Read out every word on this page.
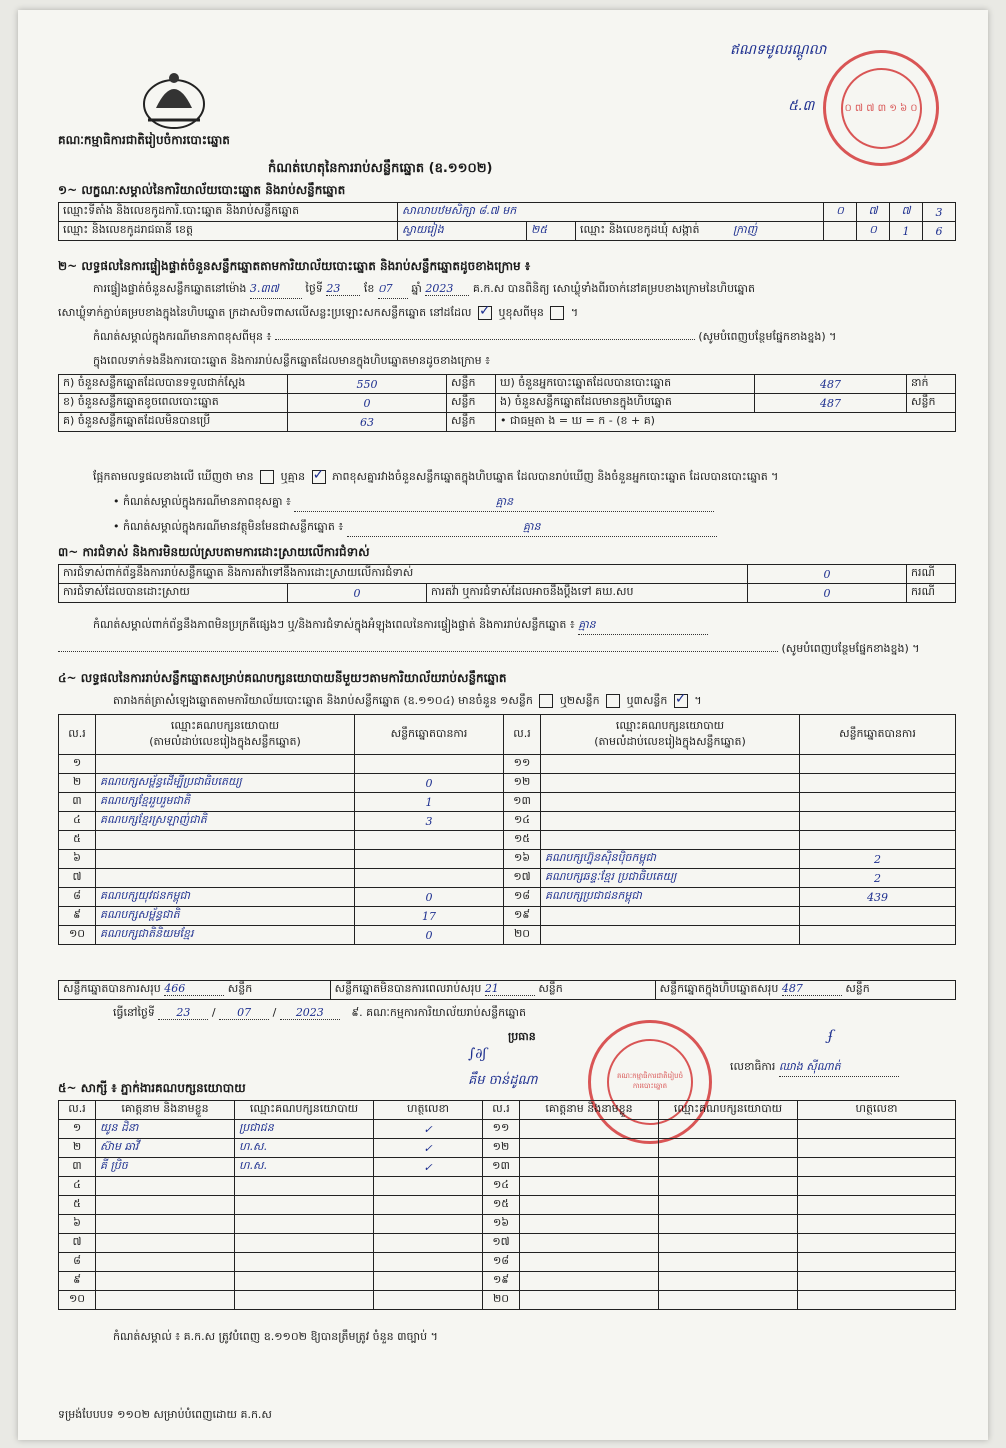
ឥណទមូលរណ្ដូលា
៥.៣	០ ៧ ៧ ៣ ១ ៦ ០
គណៈកម្មាធិការជាតិរៀបចំការបោះឆ្នោត
កំណត់ហេតុនៃការរាប់សន្លឹកឆ្នោត (ឧ.១១០២)
១~ លក្ខណៈសម្គាល់នៃការិយាល័យបោះឆ្នោត និងរាប់សន្លឹកឆ្នោត
ឈ្មោះទីតាំង និងលេខកូដការិ.បោះឆ្នោត និងរាប់សន្លឹកឆ្នោត	សាលាបឋមសិក្សា ៨.៧ មក			០	៧	៧	3
ឈ្មោះ និងលេខកូដរាជធានី ខេត្ត	ស្វាយរៀង	២៥	ឈ្មោះ និងលេខកូដឃុំ សង្កាត់ ក្រាញ់		០	1	6
២~ លទ្ធផលនៃការផ្ទៀងផ្ទាត់ចំនួនសន្លឹកឆ្នោតតាមការិយាល័យបោះឆ្នោត និងរាប់សន្លឹកឆ្នោតដូចខាងក្រោម ៖
ការផ្ទៀងផ្ទាត់ចំនួនសន្លឹកឆ្នោតនៅម៉ោង 3.៣៧ ថ្ងៃទី 23 ខែ ០7 ឆ្នាំ 2023 គ.ក.ស បានពិនិត្យ សោឃ្លុំទាំងពីរចាក់នៅគម្របខាងក្រោមនៃហិបឆ្នោត
សោឃ្លុំទាក់ភ្ជាប់គម្របខាងក្នុងនៃហិបឆ្នោត ក្រដាសបិទពាសលើសន្លះប្រឡោះសកសន្លឹកឆ្នោត នៅដដែល ✓ ឬខុសពីមុន  ។
កំណត់សម្គាល់ក្នុងករណីមានភាពខុសពីមុន ៖	(សូមបំពេញបន្ថែមផ្នែកខាងខ្នង) ។
ក្នុងពេលទាក់ទងនឹងការបោះឆ្នោត និងការរាប់សន្លឹកឆ្នោតដែលមានក្នុងហិបឆ្នោតមានដូចខាងក្រោម ៖
ក) ចំនួនសន្លឹកឆ្នោតដែលបានទទួលជាក់ស្តែង	550	សន្លឹក	ឃ) ចំនួនអ្នកបោះឆ្នោតដែលបានបោះឆ្នោត	487	នាក់
ខ) ចំនួនសន្លឹកឆ្នោតខូចពេលបោះឆ្នោត	0	សន្លឹក	ង) ចំនួនសន្លឹកឆ្នោតដែលមានក្នុងហិបឆ្នោត	487	សន្លឹក
គ) ចំនួនសន្លឹកឆ្នោតដែលមិនបានប្រើ	63	សន្លឹក	• ជាធម្មតា ង = ឃ = ក - (ខ + គ)		
ផ្អែកតាមលទ្ធផលខាងលើ ឃើញថា មាន ឬគ្មាន ✓ ភាពខុសគ្នារវាងចំនួនសន្លឹកឆ្នោតក្នុងហិបឆ្នោត ដែលបានរាប់ឃើញ និងចំនួនអ្នកបោះឆ្នោត ដែលបានបោះឆ្នោត ។
• កំណត់សម្គាល់ក្នុងករណីមានភាពខុសគ្នា ៖	គ្មាន
• កំណត់សម្គាល់ក្នុងករណីមានវត្ថុមិនមែនជាសន្លឹកឆ្នោត ៖	គ្មាន
៣~ ការជំទាស់ និងការមិនយល់ស្របតាមការដោះស្រាយលើការជំទាស់
ការជំទាស់ពាក់ព័ន្ធនឹងការរាប់សន្លឹកឆ្នោត និងការតវ៉ាទៅនឹងការដោះស្រាយលើការជំទាស់			0	ករណី
ការជំទាស់ដែលបានដោះស្រាយ	0	ការតវ៉ា ឬការជំទាស់ដែលអាចនឹងប្តឹងទៅ គឃ.សប	0	ករណី
កំណត់សម្គាល់ពាក់ព័ន្ធនឹងភាពមិនប្រក្រតីផ្សេងៗ ឬ/និងការជំទាស់ក្នុងអំឡុងពេលនៃការផ្ទៀងផ្ទាត់ និងការរាប់សន្លឹកឆ្នោត ៖ គ្មាន
(សូមបំពេញបន្ថែមផ្នែកខាងខ្នង) ។
៤~ លទ្ធផលនៃការរាប់សន្លឹកឆ្នោតសម្រាប់គណបក្សនយោបាយនីមួយៗតាមការិយាល័យរាប់សន្លឹកឆ្នោត
តារាងកត់ត្រាសំឡេងឆ្នោតតាមការិយាល័យបោះឆ្នោត និងរាប់សន្លឹកឆ្នោត (ឧ.១១០៤) មានចំនួន ១សន្លឹក ឬ២សន្លឹក ឬ៣សន្លឹក ✓ ។
ល.រ	ឈ្មោះគណបក្សនយោបាយ
(តាមលំដាប់លេខរៀងក្នុងសន្លឹកឆ្នោត)	សន្លឹកឆ្នោតបានការ	ល.រ	ឈ្មោះគណបក្សនយោបាយ
(តាមលំដាប់លេខរៀងក្នុងសន្លឹកឆ្នោត)	សន្លឹកឆ្នោតបានការ
១			១១		
២	គណបក្សសម្ព័ន្ធដើម្បីប្រជាធិបតេយ្យ	0	១២		
៣	គណបក្សខ្មែររួបរួមជាតិ	1	១៣		
៤	គណបក្សខ្មែរស្រឡាញ់ជាតិ	3	១៤		
៥			១៥		
៦			១៦	គណបក្សហ្វ៊ុនស៊ិនប៉ិចកម្ពុជា	2
៧			១៧	គណបក្សឆន្ទៈខ្មែរ ប្រជាធិបតេយ្យ	2
៨	គណបក្សយុវជនកម្ពុជា	0	១៨	គណបក្សប្រជាជនកម្ពុជា	439
៩	គណបក្សសម្ព័ន្ធជាតិ	17	១៩		
១០	គណបក្សជាតិនិយមខ្មែរ	0	២០		
សន្លឹកឆ្នោតបានការសរុប 466	សន្លឹក	សន្លឹកឆ្នោតមិនបានការពេលរាប់សរុប 21	សន្លឹក	សន្លឹកឆ្នោតក្នុងហិបឆ្នោតសរុប 487	សន្លឹក
ធ្វើនៅថ្ងៃទី 23 / 07 / 2023	៩. គណៈកម្មការការិយាល័យរាប់សន្លឹកឆ្នោត
ប្រធាន
∫∂ʃ
គឹម ចាន់ដូណា	គណៈកម្មាធិការជាតិរៀបចំការបោះឆ្នោត
ʄ
លេខាធិការ ឈាង ស៊ីណាត់
៥~ សាក្សី ៖ ភ្នាក់ងារគណបក្សនយោបាយ
ល.រ	គោត្តនាម និងនាមខ្លួន	ឈ្មោះគណបក្សនយោបាយ	ហត្ថលេខា	ល.រ	គោត្តនាម និងនាមខ្លួន	ឈ្មោះគណបក្សនយោបាយ	ហត្ថលេខា
១	យូន ដិនា	ប្រជាជន	✓	១១			
២	ស៊ាម ឆាវី	ហ.ស.	✓	១២			
៣	គី ប្រិច	ហ.ស.	✓	១៣			
៤				១៤			
៥				១៥			
៦				១៦			
៧				១៧			
៨				១៨			
៩				១៩			
១០				២០			
កំណត់សម្គាល់ ៖ គ.ក.ស ត្រូវបំពេញ ឧ.១១០២ ឱ្យបានត្រឹមត្រូវ ចំនួន ៣ច្បាប់ ។
ទម្រង់បែបបទ ១១០២ សម្រាប់បំពេញដោយ គ.ក.ស
